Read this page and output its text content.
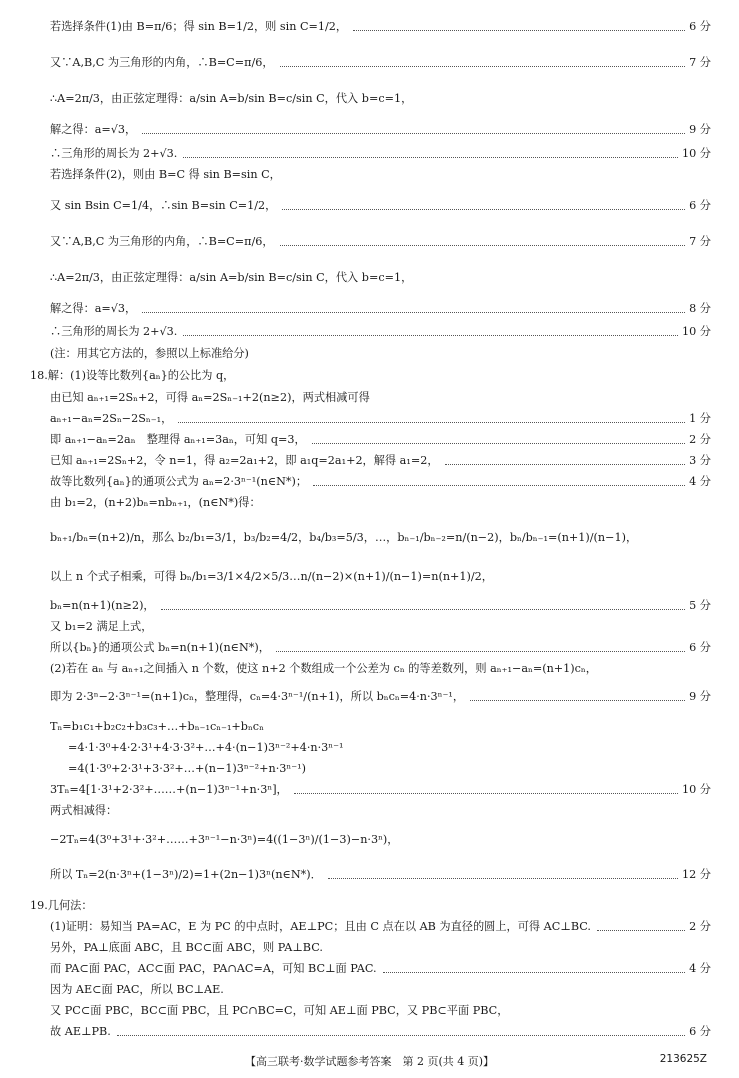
若选择条件(1)由 B=π/6；得 sin B=1/2，则 sin C=1/2，	6 分
又∵A,B,C 为三角形的内角，∴B=C=π/6，	7 分
∴A=2π/3，由正弦定理得：a/sin A=b/sin B=c/sin C，代入 b=c=1，
解之得：a=√3，	9 分
∴三角形的周长为 2+√3.	10 分
若选择条件(2)，则由 B=C 得 sin B=sin C，
又 sin Bsin C=1/4，∴sin B=sin C=1/2，	6 分
又∵A,B,C 为三角形的内角，∴B=C=π/6，	7 分
∴A=2π/3，由正弦定理得：a/sin A=b/sin B=c/sin C，代入 b=c=1，
解之得：a=√3，	8 分
∴三角形的周长为 2+√3.	10 分
(注：用其它方法的，参照以上标准给分)
18.解：(1)设等比数列{aₙ}的公比为 q，
由已知 aₙ₊₁=2Sₙ+2，可得 aₙ=2Sₙ₋₁+2(n≥2)，两式相减可得
aₙ₊₁−aₙ=2Sₙ−2Sₙ₋₁，	1 分
即 aₙ₊₁−aₙ=2aₙ　整理得 aₙ₊₁=3aₙ，可知 q=3，	2 分
已知 aₙ₊₁=2Sₙ+2，令 n=1，得 a₂=2a₁+2，即 a₁q=2a₁+2，解得 a₁=2，	3 分
故等比数列{aₙ}的通项公式为 aₙ=2·3ⁿ⁻¹(n∈N*)；	4 分
由 b₁=2，(n+2)bₙ=nbₙ₊₁，(n∈N*)得：
bₙ₊₁/bₙ=(n+2)/n，那么 b₂/b₁=3/1，b₃/b₂=4/2，b₄/b₃=5/3，…，bₙ₋₁/bₙ₋₂=n/(n−2)，bₙ/bₙ₋₁=(n+1)/(n−1)，
以上 n 个式子相乘，可得 bₙ/b₁=3/1×4/2×5/3…n/(n−2)×(n+1)/(n−1)=n(n+1)/2，
bₙ=n(n+1)(n≥2)，	5 分
又 b₁=2 满足上式，
所以{bₙ}的通项公式 bₙ=n(n+1)(n∈N*)，	6 分
(2)若在 aₙ 与 aₙ₊₁之间插入 n 个数，使这 n+2 个数组成一个公差为 cₙ 的等差数列，则 aₙ₊₁−aₙ=(n+1)cₙ，
即为 2·3ⁿ−2·3ⁿ⁻¹=(n+1)cₙ，整理得，cₙ=4·3ⁿ⁻¹/(n+1)，所以 bₙcₙ=4·n·3ⁿ⁻¹，	9 分
Tₙ=b₁c₁+b₂c₂+b₃c₃+…+bₙ₋₁cₙ₋₁+bₙcₙ
=4·1·3⁰+4·2·3¹+4·3·3²+…+4·(n−1)3ⁿ⁻²+4·n·3ⁿ⁻¹
=4(1·3⁰+2·3¹+3·3²+…+(n−1)3ⁿ⁻²+n·3ⁿ⁻¹)
3Tₙ=4[1·3¹+2·3²+……+(n−1)3ⁿ⁻¹+n·3ⁿ]，	10 分
两式相减得：
−2Tₙ=4(3⁰+3¹+·3²+……+3ⁿ⁻¹−n·3ⁿ)=4((1−3ⁿ)/(1−3)−n·3ⁿ)，
所以 Tₙ=2(n·3ⁿ+(1−3ⁿ)/2)=1+(2n−1)3ⁿ(n∈N*)．	12 分
19.几何法：
(1)证明：易知当 PA=AC，E 为 PC 的中点时，AE⊥PC；且由 C 点在以 AB 为直径的圆上，可得 AC⊥BC.	2 分
另外，PA⊥底面 ABC，且 BC⊂面 ABC，则 PA⊥BC.
而 PA⊂面 PAC，AC⊂面 PAC，PA∩AC=A，可知 BC⊥面 PAC.	4 分
因为 AE⊂面 PAC，所以 BC⊥AE.
又 PC⊂面 PBC，BC⊂面 PBC，且 PC∩BC=C，可知 AE⊥面 PBC，又 PB⊂平面 PBC，
故 AE⊥PB.	6 分
【高三联考·数学试题参考答案　第 2 页(共 4 页)】	213625Z
